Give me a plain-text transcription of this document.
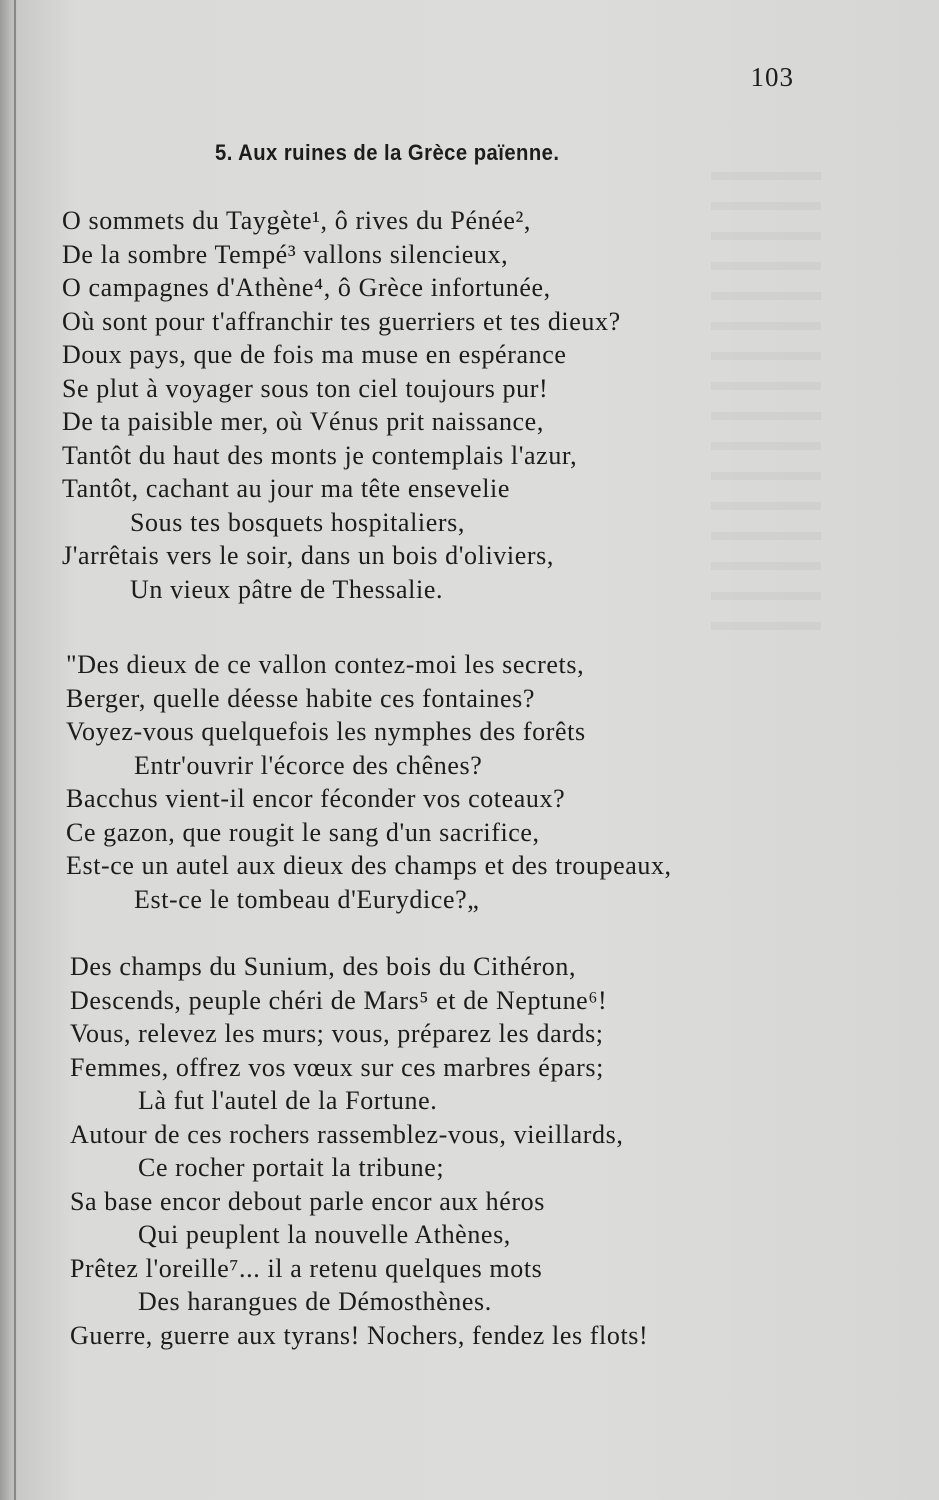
103
5. Aux ruines de la Grèce païenne.
O sommets du Taygète¹, ô rives du Pénée²,
De la sombre Tempé³ vallons silencieux,
O campagnes d'Athène⁴, ô Grèce infortunée,
Où sont pour t'affranchir tes guerriers et tes dieux?
Doux pays, que de fois ma muse en espérance
Se plut à voyager sous ton ciel toujours pur!
De ta paisible mer, où Vénus prit naissance,
Tantôt du haut des monts je contemplais l'azur,
Tantôt, cachant au jour ma tête ensevelie
Sous tes bosquets hospitaliers,
J'arrêtais vers le soir, dans un bois d'oliviers,
Un vieux pâtre de Thessalie.
"Des dieux de ce vallon contez-moi les secrets,
Berger, quelle déesse habite ces fontaines?
Voyez-vous quelquefois les nymphes des forêts
Entr'ouvrir l'écorce des chênes?
Bacchus vient-il encor féconder vos coteaux?
Ce gazon, que rougit le sang d'un sacrifice,
Est-ce un autel aux dieux des champs et des troupeaux,
Est-ce le tombeau d'Eurydice?„
Des champs du Sunium, des bois du Cithéron,
Descends, peuple chéri de Mars⁵ et de Neptune⁶!
Vous, relevez les murs; vous, préparez les dards;
Femmes, offrez vos vœux sur ces marbres épars;
Là fut l'autel de la Fortune.
Autour de ces rochers rassemblez-vous, vieillards,
Ce rocher portait la tribune;
Sa base encor debout parle encor aux héros
Qui peuplent la nouvelle Athènes,
Prêtez l'oreille⁷... il a retenu quelques mots
Des harangues de Démosthènes.
Guerre, guerre aux tyrans! Nochers, fendez les flots!
